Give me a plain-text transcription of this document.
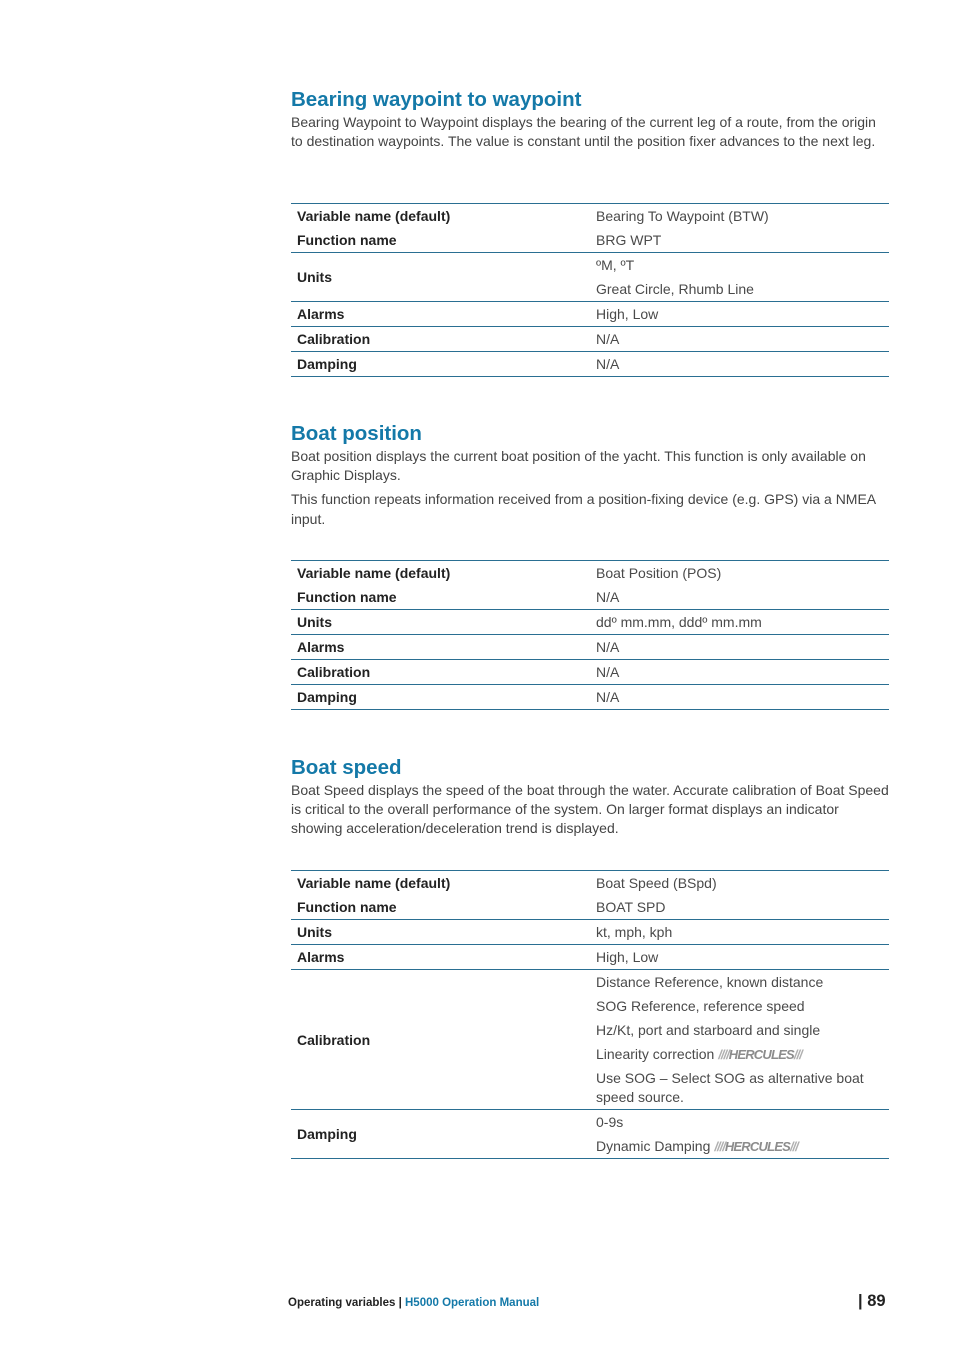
Bearing waypoint to waypoint

Bearing Waypoint to Waypoint displays the bearing of the current leg of a route, from the origin to destination waypoints. The value is constant until the position fixer advances to the next leg.

Variable name (default)	Bearing To Waypoint (BTW)
Function name	BRG WPT
Units	ºM, ºT
Great Circle, Rhumb Line

Alarms	High, Low
Calibration	N/A
Damping	N/A
Boat position

Boat position displays the current boat position of the yacht. This function is only available on Graphic Displays.

This function repeats information received from a position-fixing device (e.g. GPS) via a NMEA input.

Variable name (default)	Boat Position (POS)
Function name	N/A
Units	ddº mm.mm, dddº mm.mm
Alarms	N/A
Calibration	N/A
Damping	N/A
Boat speed

Boat Speed displays the speed of the boat through the water. Accurate calibration of Boat Speed is critical to the overall performance of the system. On larger format displays an indicator showing acceleration/deceleration trend is displayed.

Variable name (default)	Boat Speed (BSpd)
Function name	BOAT SPD
Units	kt, mph, kph
Alarms	High, Low
Calibration	Distance Reference, known distance
SOG Reference, reference speed
Hz/Kt, port and starboard and single
Linearity correction ////HERCULES///
Use SOG – Select SOG as alternative boat speed source.

Damping	0-9s
Dynamic Damping ////HERCULES///
Operating variables | H5000 Operation Manual	| 89
